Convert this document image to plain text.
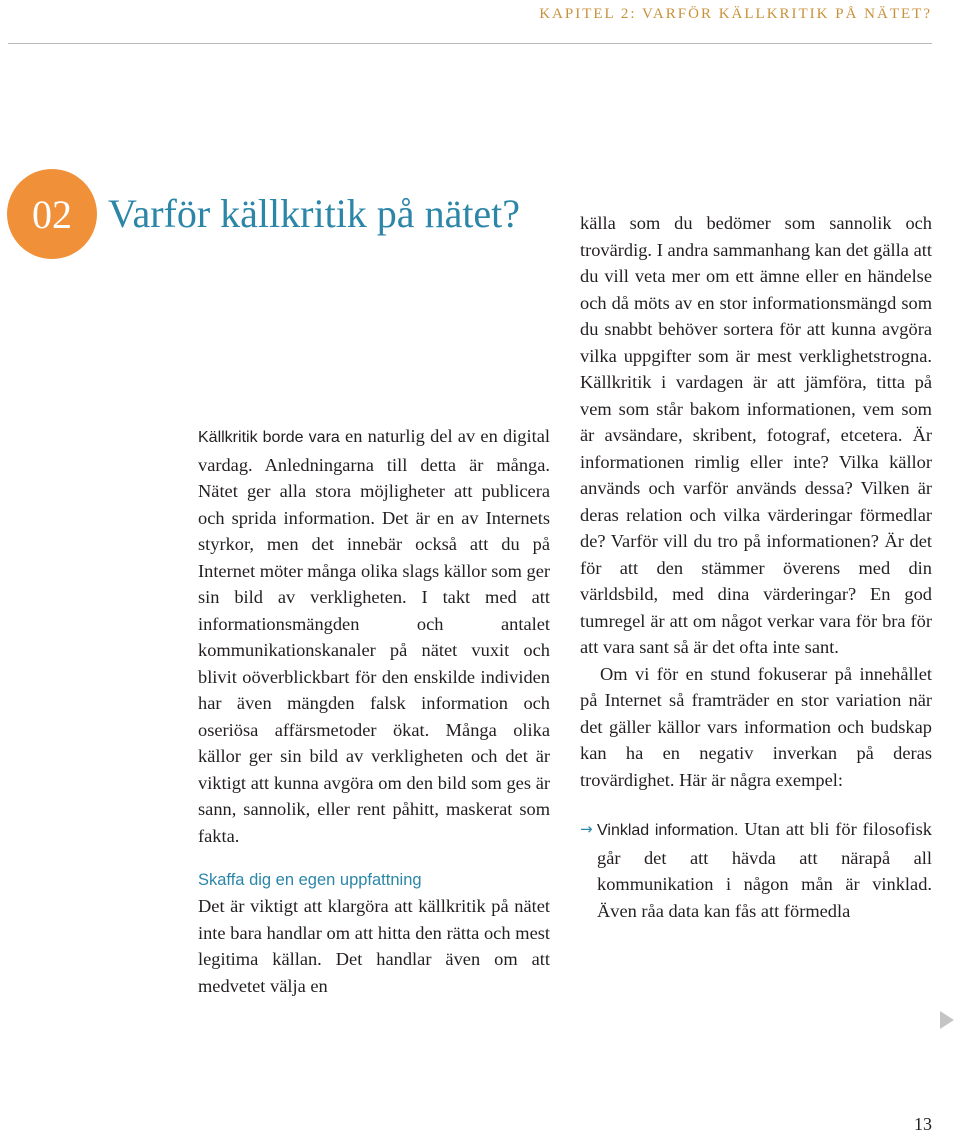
KAPITEL 2: VARFÖR KÄLLKRITIK PÅ NÄTET?
02 Varför källkritik på nätet?

Källkritik borde vara en naturlig del av en digital vardag. Anledningarna till detta är många. Nätet ger alla stora möjligheter att publicera och sprida information. Det är en av Internets styrkor, men det innebär också att du på Internet möter många olika slags källor som ger sin bild av verkligheten. I takt med att informationsmängden och antalet kommunikationskanaler på nätet vuxit och blivit oöverblickbart för den enskilde individen har även mängden falsk information och oseriösa affärsmetoder ökat. Många olika källor ger sin bild av verkligheten och det är viktigt att kunna avgöra om den bild som ges är sann, sannolik, eller rent påhitt, maskerat som fakta.

Skaffa dig en egen uppfattning

Det är viktigt att klargöra att källkritik på nätet inte bara handlar om att hitta den rätta och mest legitima källan. Det handlar även om att medvetet välja en

källa som du bedömer som sannolik och trovärdig. I andra sammanhang kan det gälla att du vill veta mer om ett ämne eller en händelse och då möts av en stor informationsmängd som du snabbt behöver sortera för att kunna avgöra vilka uppgifter som är mest verklighetstrogna. Källkritik i vardagen är att jämföra, titta på vem som står bakom informationen, vem som är avsändare, skribent, fotograf, etcetera. Är informationen rimlig eller inte? Vilka källor används och varför används dessa? Vilken är deras relation och vilka värderingar förmedlar de? Varför vill du tro på informationen? Är det för att den stämmer överens med din världsbild, med dina värderingar? En god tumregel är att om något verkar vara för bra för att vara sant så är det ofta inte sant.

Om vi för en stund fokuserar på innehållet på Internet så framträder en stor variation när det gäller källor vars information och budskap kan ha en negativ inverkan på deras trovärdighet. Här är några exempel:

→ Vinklad information. Utan att bli för filosofisk går det att hävda att närapå all kommunikation i någon mån är vinklad. Även råa data kan fås att förmedla

13
